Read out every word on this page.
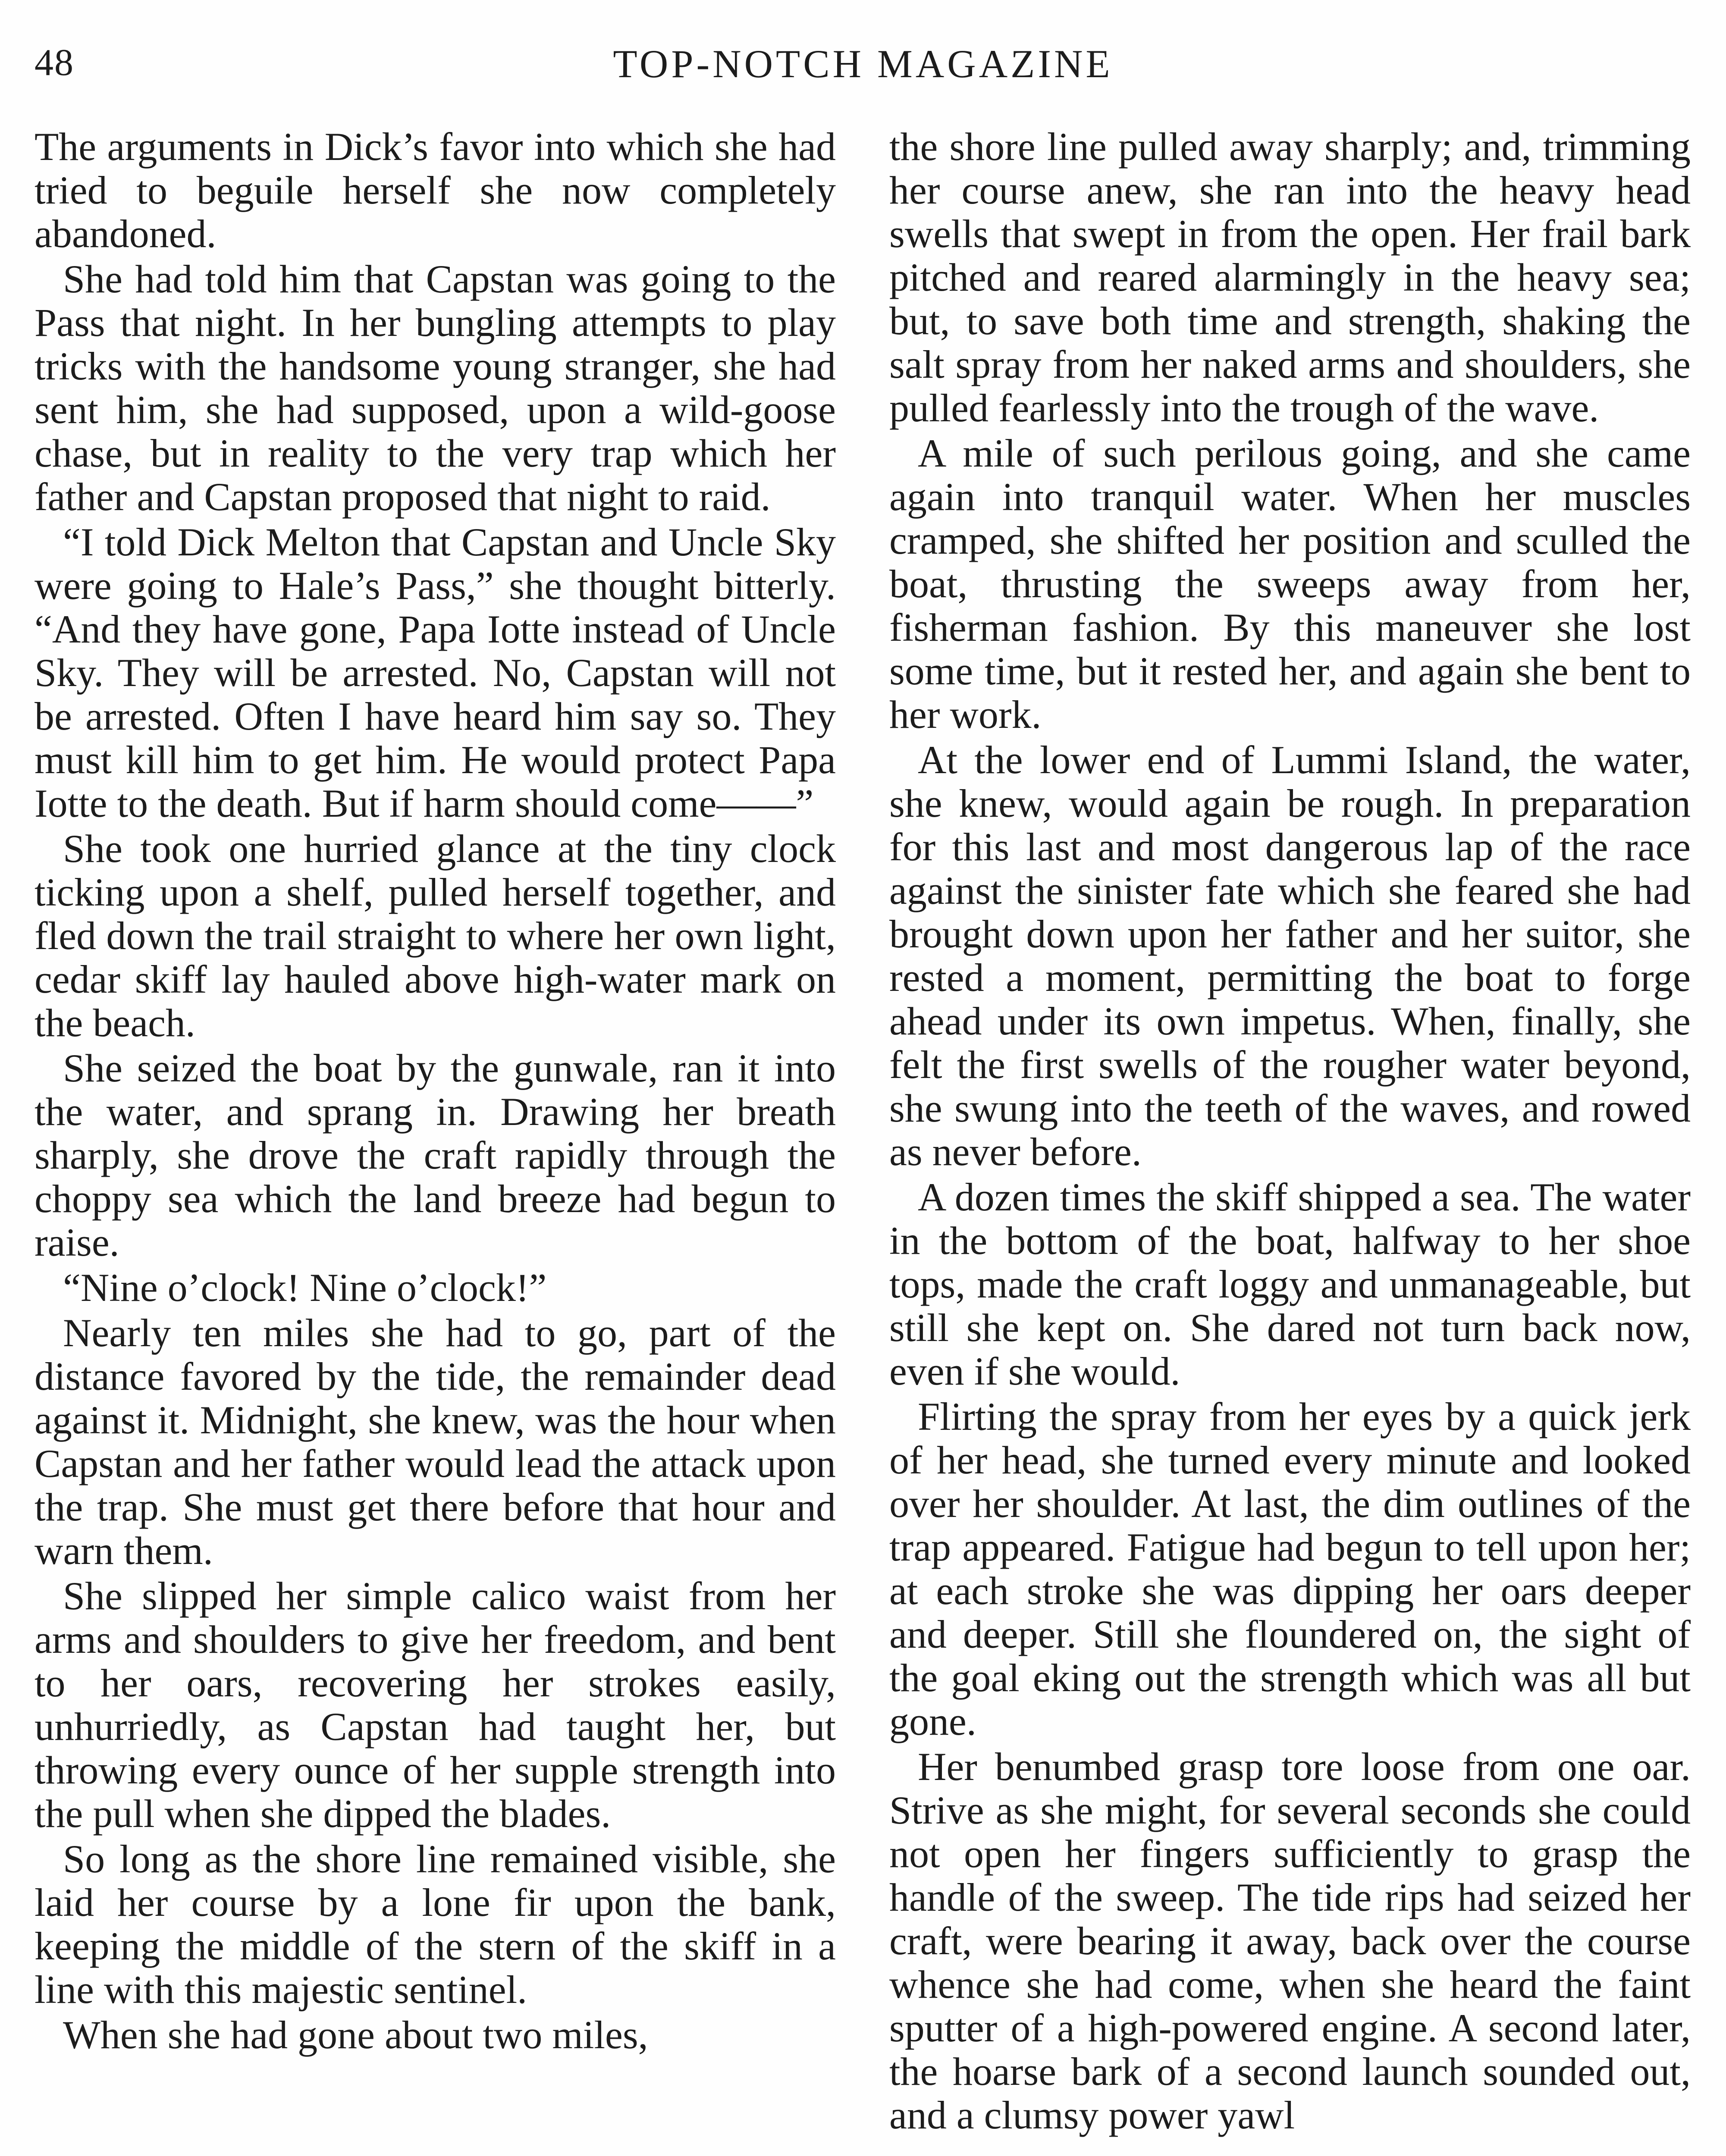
48	TOP-NOTCH MAGAZINE

The arguments in Dick’s favor into which she had tried to beguile herself she now completely abandoned.

She had told him that Capstan was going to the Pass that night. In her bungling attempts to play tricks with the handsome young stranger, she had sent him, she had supposed, upon a wild-goose chase, but in reality to the very trap which her father and Capstan proposed that night to raid.

“I told Dick Melton that Capstan and Uncle Sky were going to Hale’s Pass,” she thought bitterly. “And they have gone, Papa Iotte instead of Uncle Sky. They will be arrested. No, Capstan will not be arrested. Often I have heard him say so. They must kill him to get him. He would protect Papa Iotte to the death. But if harm should come——”

She took one hurried glance at the tiny clock ticking upon a shelf, pulled herself together, and fled down the trail straight to where her own light, cedar skiff lay hauled above high-water mark on the beach.

She seized the boat by the gunwale, ran it into the water, and sprang in. Drawing her breath sharply, she drove the craft rapidly through the choppy sea which the land breeze had begun to raise.

“Nine o’clock! Nine o’clock!”

Nearly ten miles she had to go, part of the distance favored by the tide, the remainder dead against it. Midnight, she knew, was the hour when Capstan and her father would lead the attack upon the trap. She must get there before that hour and warn them.

She slipped her simple calico waist from her arms and shoulders to give her freedom, and bent to her oars, recovering her strokes easily, unhurriedly, as Capstan had taught her, but throwing every ounce of her supple strength into the pull when she dipped the blades.

So long as the shore line remained visible, she laid her course by a lone fir upon the bank, keeping the middle of the stern of the skiff in a line with this majestic sentinel.

When she had gone about two miles,

the shore line pulled away sharply; and, trimming her course anew, she ran into the heavy head swells that swept in from the open. Her frail bark pitched and reared alarmingly in the heavy sea; but, to save both time and strength, shaking the salt spray from her naked arms and shoulders, she pulled fearlessly into the trough of the wave.

A mile of such perilous going, and she came again into tranquil water. When her muscles cramped, she shifted her position and sculled the boat, thrusting the sweeps away from her, fisherman fashion. By this maneuver she lost some time, but it rested her, and again she bent to her work.

At the lower end of Lummi Island, the water, she knew, would again be rough. In preparation for this last and most dangerous lap of the race against the sinister fate which she feared she had brought down upon her father and her suitor, she rested a moment, permitting the boat to forge ahead under its own impetus. When, finally, she felt the first swells of the rougher water beyond, she swung into the teeth of the waves, and rowed as never before.

A dozen times the skiff shipped a sea. The water in the bottom of the boat, halfway to her shoe tops, made the craft loggy and unmanageable, but still she kept on. She dared not turn back now, even if she would.

Flirting the spray from her eyes by a quick jerk of her head, she turned every minute and looked over her shoulder. At last, the dim outlines of the trap appeared. Fatigue had begun to tell upon her; at each stroke she was dipping her oars deeper and deeper. Still she floundered on, the sight of the goal eking out the strength which was all but gone.

Her benumbed grasp tore loose from one oar. Strive as she might, for several seconds she could not open her fingers sufficiently to grasp the handle of the sweep. The tide rips had seized her craft, were bearing it away, back over the course whence she had come, when she heard the faint sputter of a high-powered engine. A second later, the hoarse bark of a second launch sounded out, and a clumsy power yawl
